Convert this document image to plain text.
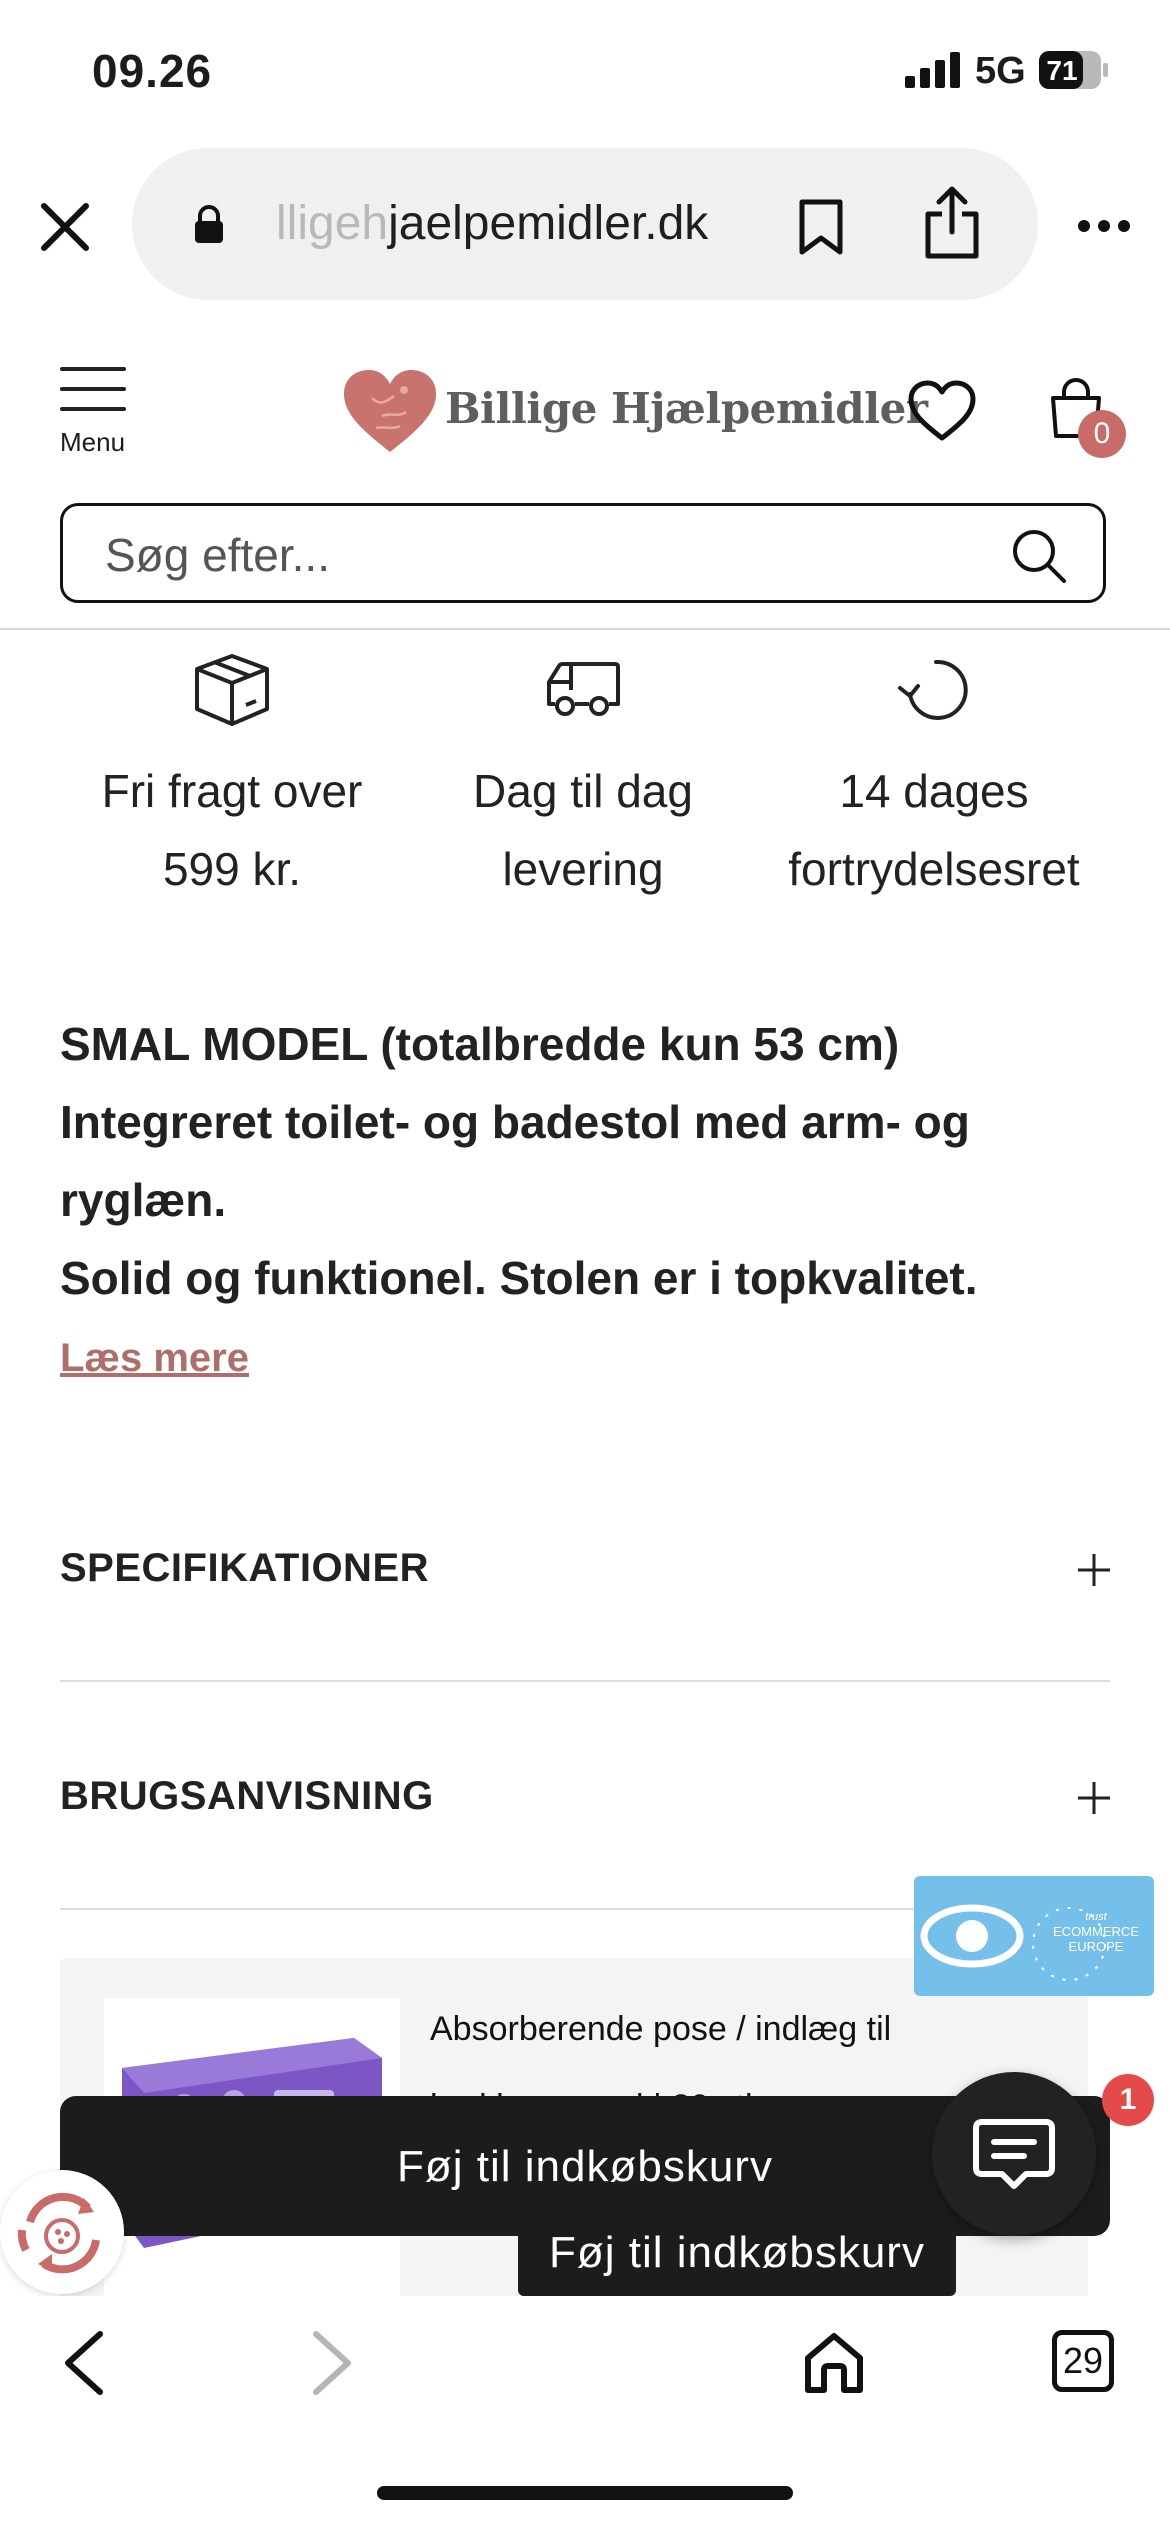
09.26	5G 71
lligehjaelpemidler.dk
Menu
Billige Hjælpemidler
0
Søg efter...
Fri fragt over
599 kr.
Dag til dag
levering
14 dages
fortrydelsesret
SMAL MODEL (totalbredde kun 53 cm)
Integreret toilet- og badestol med arm- og ryglæn.
Solid og funktionel. Stolen er i topkvalitet.
Læs mere
SPECIFIKATIONER
BRUGSANVISNING
Absorberende pose / indlæg til
trust
ECOMMERCE
EUROPE
Føj til indkøbskurv
Føj til indkøbskurv
1
29
